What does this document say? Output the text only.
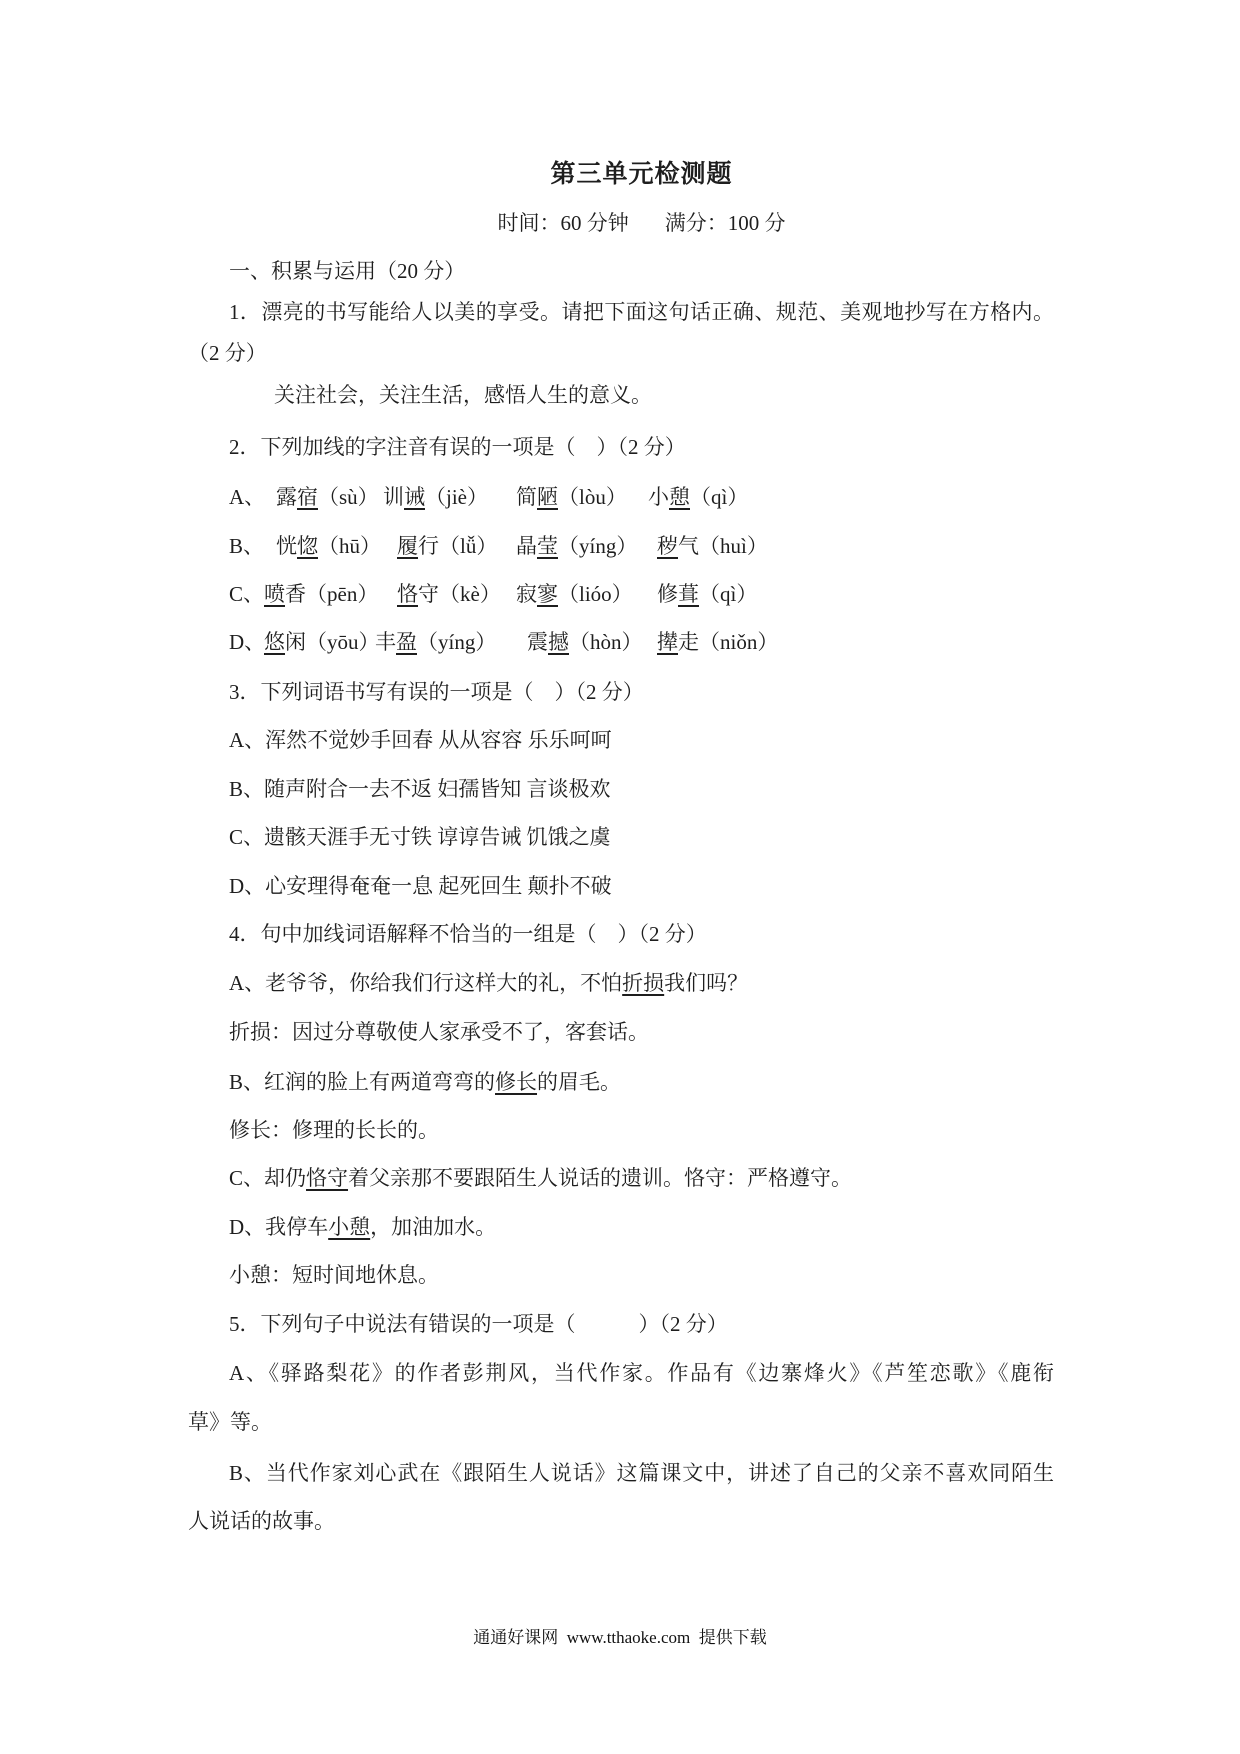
第三单元检测题
时间：60 分钟 满分：100 分
一、积累与运用（20 分）
1．漂亮的书写能给人以美的享受。请把下面这句话正确、规范、美观地抄写在方格内。
（2 分）
关注社会，关注生活，感悟人生的意义。
2．下列加线的字注音有误的一项是（　）（2 分）
A、 露宿（sù） 训诫（jiè） 简陋（lòu） 小憩（qì）
B、 恍惚（hū） 履行（lǚ） 晶莹（yíng） 秽气（huì）
C、 喷香（pēn） 恪守（kè） 寂寥（lióo） 修葺（qì）
D、
悠闲（yōu）
丰盈（yíng） 震撼（hòn） 撵走（niǒn）
3．下列词语书写有误的一项是（　）（2 分）
A、浑然不觉妙手回春 从从容容 乐乐呵呵
B、随声附合一去不返 妇孺皆知 言谈极欢
C、遗骸天涯手无寸铁 谆谆告诫 饥饿之虞
D、心安理得奄奄一息 起死回生 颠扑不破
4．句中加线词语解释不恰当的一组是（　）（2 分）
A、老爷爷，你给我们行这样大的礼，不怕折损我们吗？
折损：因过分尊敬使人家承受不了，客套话。
B、红润的脸上有两道弯弯的修长的眉毛。
修长：修理的长长的。
C、却仍恪守着父亲那不要跟陌生人说话的遗训。恪守：严格遵守。
D、我停车小憩，加油加水。
小憩：短时间地休息。
5．下列句子中说法有错误的一项是（　　　）（2 分）
A、《驿路梨花》的作者彭荆风，当代作家。作品有《边寨烽火》《芦笙恋歌》《鹿衔
草》等。
B、当代作家刘心武在《跟陌生人说话》这篇课文中，讲述了自己的父亲不喜欢同陌生
人说话的故事。
通通好课网  www.tthaoke.com  提供下载
